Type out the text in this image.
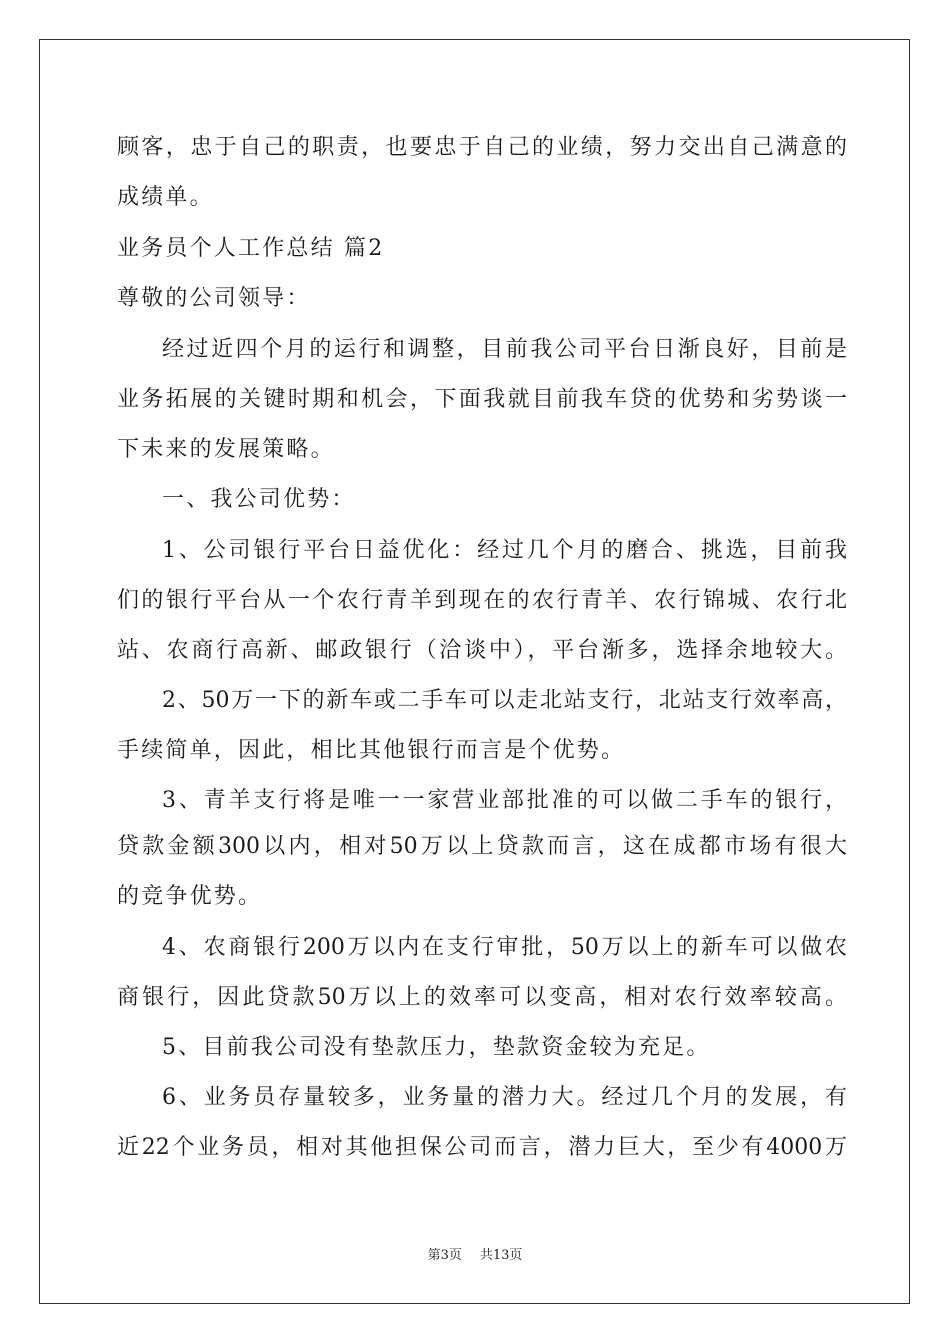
顾客，忠于自己的职责，也要忠于自己的业绩，努力交出自己满意的
成绩单。
业务员个人工作总结 篇2
尊敬的公司领导：
经过近四个月的运行和调整，目前我公司平台日渐良好，目前是
业务拓展的关键时期和机会，下面我就目前我车贷的优势和劣势谈一
下未来的发展策略。
一、我公司优势：
1、公司银行平台日益优化：经过几个月的磨合、挑选，目前我
们的银行平台从一个农行青羊到现在的农行青羊、农行锦城、农行北
站、农商行高新、邮政银行（洽谈中），平台渐多，选择余地较大。
2、50万一下的新车或二手车可以走北站支行，北站支行效率高，
手续简单，因此，相比其他银行而言是个优势。
3、青羊支行将是唯一一家营业部批准的可以做二手车的银行，
贷款金额300以内，相对50万以上贷款而言，这在成都市场有很大
的竞争优势。
4、农商银行200万以内在支行审批，50万以上的新车可以做农
商银行，因此贷款50万以上的效率可以变高，相对农行效率较高。
5、目前我公司没有垫款压力，垫款资金较为充足。
6、业务员存量较多，业务量的潜力大。经过几个月的发展，有
近22个业务员，相对其他担保公司而言，潜力巨大，至少有4000万
第3页 共13页
